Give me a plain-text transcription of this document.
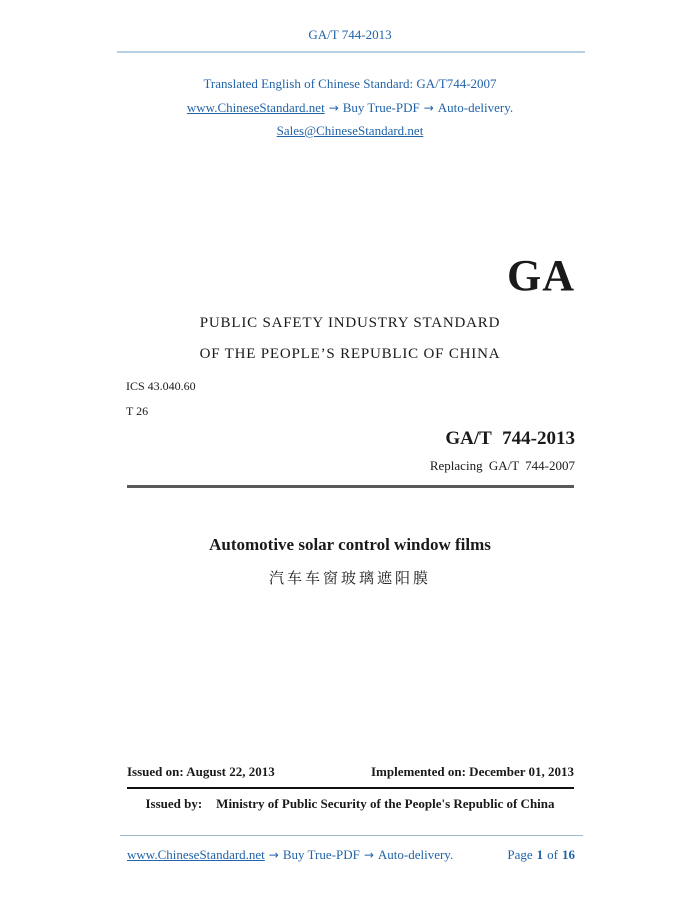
GA/T 744-2013
Translated English of Chinese Standard: GA/T744-2007
www.ChineseStandard.net → Buy True-PDF → Auto-delivery.
Sales@ChineseStandard.net
GA
PUBLIC SAFETY INDUSTRY STANDARD
OF THE PEOPLE’S REPUBLIC OF CHINA
ICS 43.040.60
T 26
GA/T 744-2013
Replacing GA/T 744-2007
Automotive solar control window films
汽车车窗玻璃遮阳膜
Issued on: August 22, 2013	Implemented on: December 01, 2013
Issued by: Ministry of Public Security of the People's Republic of China
www.ChineseStandard.net → Buy True-PDF → Auto-delivery.	Page 1 of 16
